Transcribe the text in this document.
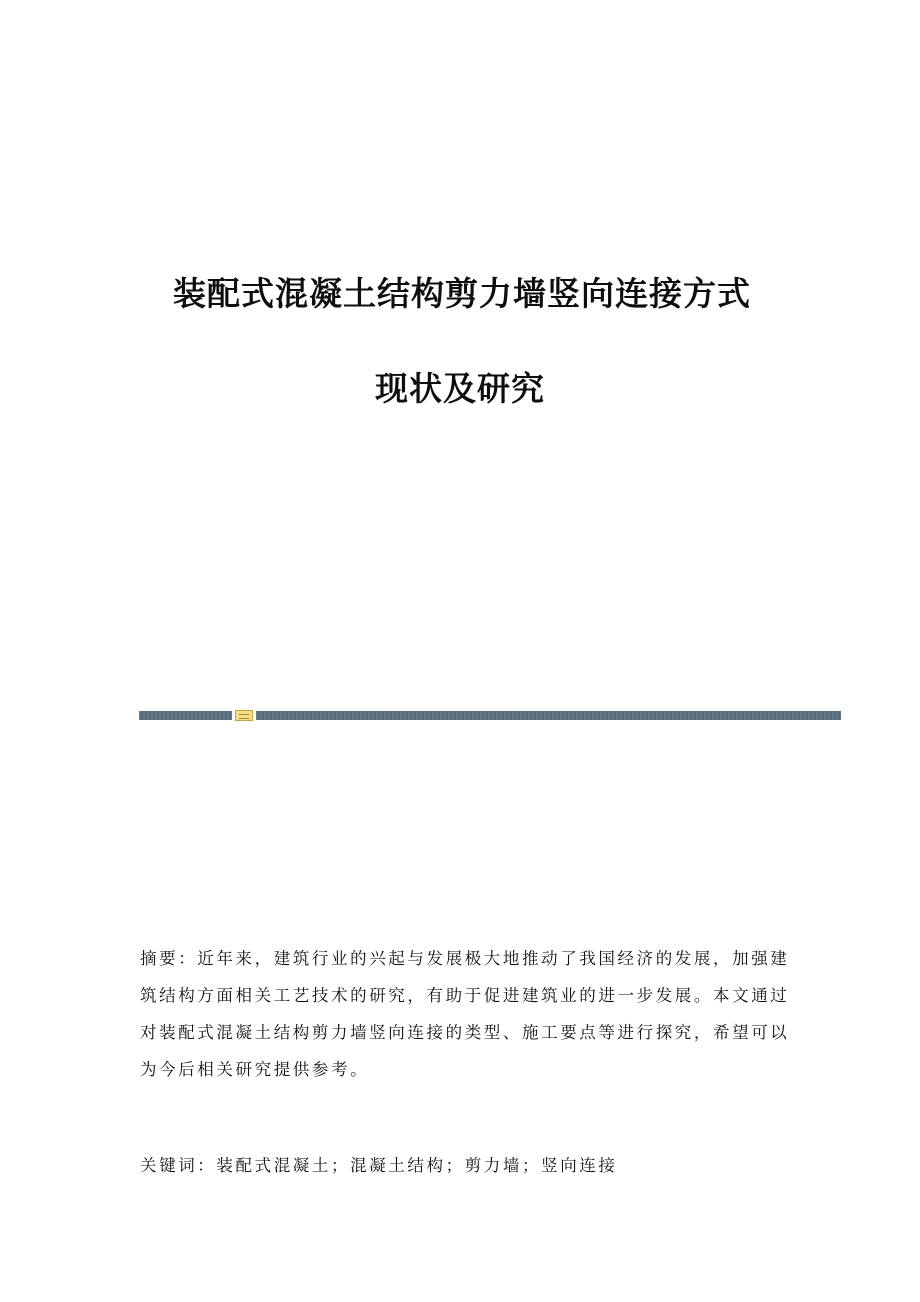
装配式混凝土结构剪力墙竖向连接方式
现状及研究
摘要：近年来，建筑行业的兴起与发展极大地推动了我国经济的发展，加强建
筑结构方面相关工艺技术的研究，有助于促进建筑业的进一步发展。本文通过
对装配式混凝土结构剪力墙竖向连接的类型、施工要点等进行探究，希望可以
为今后相关研究提供参考。
关键词：装配式混凝土；混凝土结构；剪力墙；竖向连接
